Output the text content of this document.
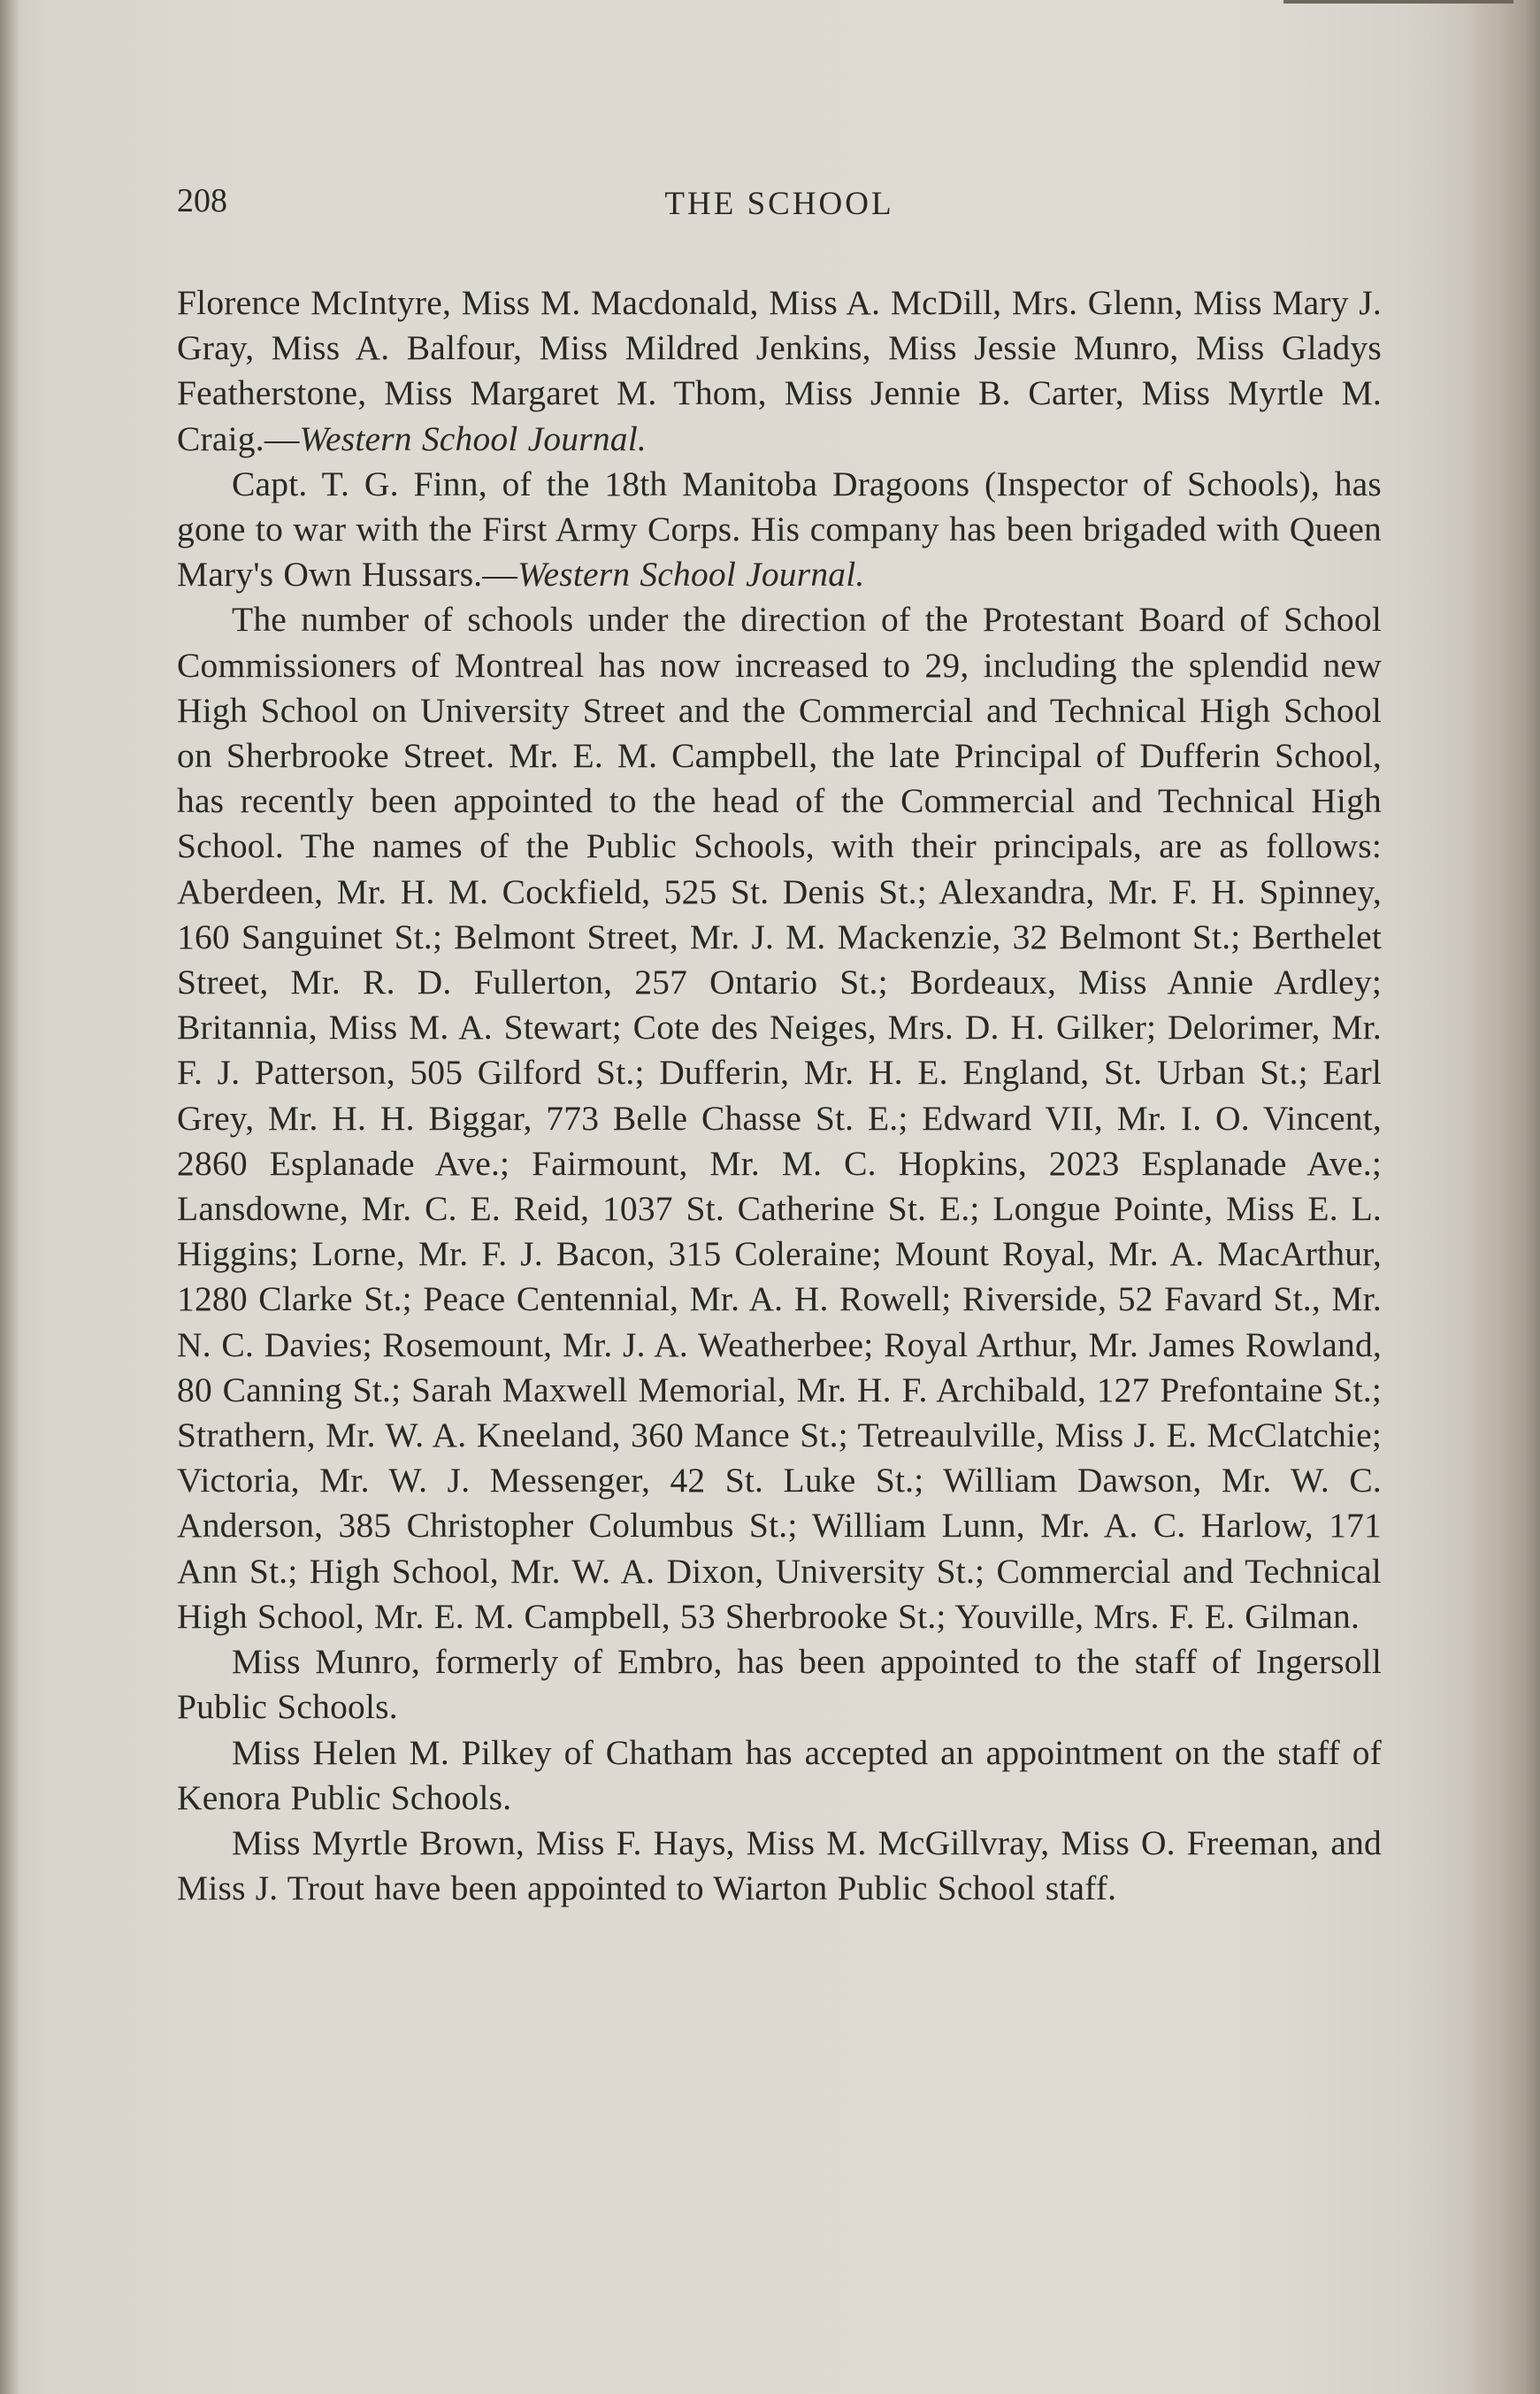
208	THE SCHOOL

Florence McIntyre, Miss M. Macdonald, Miss A. McDill, Mrs. Glenn, Miss Mary J. Gray, Miss A. Balfour, Miss Mildred Jenkins, Miss Jessie Munro, Miss Gladys Featherstone, Miss Margaret M. Thom, Miss Jennie B. Carter, Miss Myrtle M. Craig.—Western School Journal.

Capt. T. G. Finn, of the 18th Manitoba Dragoons (Inspector of Schools), has gone to war with the First Army Corps. His company has been brigaded with Queen Mary's Own Hussars.—Western School Journal.

The number of schools under the direction of the Protestant Board of School Commissioners of Montreal has now increased to 29, including the splendid new High School on University Street and the Commercial and Technical High School on Sherbrooke Street. Mr. E. M. Campbell, the late Principal of Dufferin School, has recently been appointed to the head of the Commercial and Technical High School. The names of the Public Schools, with their principals, are as follows: Aberdeen, Mr. H. M. Cockfield, 525 St. Denis St.; Alexandra, Mr. F. H. Spinney, 160 Sanguinet St.; Belmont Street, Mr. J. M. Mackenzie, 32 Belmont St.; Berthelet Street, Mr. R. D. Fullerton, 257 Ontario St.; Bordeaux, Miss Annie Ardley; Britannia, Miss M. A. Stewart; Cote des Neiges, Mrs. D. H. Gilker; Delorimer, Mr. F. J. Patterson, 505 Gilford St.; Dufferin, Mr. H. E. England, St. Urban St.; Earl Grey, Mr. H. H. Biggar, 773 Belle Chasse St. E.; Edward VII, Mr. I. O. Vincent, 2860 Esplanade Ave.; Fairmount, Mr. M. C. Hopkins, 2023 Esplanade Ave.; Lansdowne, Mr. C. E. Reid, 1037 St. Catherine St. E.; Longue Pointe, Miss E. L. Higgins; Lorne, Mr. F. J. Bacon, 315 Coleraine; Mount Royal, Mr. A. MacArthur, 1280 Clarke St.; Peace Centennial, Mr. A. H. Rowell; Riverside, 52 Favard St., Mr. N. C. Davies; Rosemount, Mr. J. A. Weatherbee; Royal Arthur, Mr. James Rowland, 80 Canning St.; Sarah Maxwell Memorial, Mr. H. F. Archibald, 127 Prefontaine St.; Strathern, Mr. W. A. Kneeland, 360 Mance St.; Tetreaulville, Miss J. E. McClatchie; Victoria, Mr. W. J. Messenger, 42 St. Luke St.; William Dawson, Mr. W. C. Anderson, 385 Christopher Columbus St.; William Lunn, Mr. A. C. Harlow, 171 Ann St.; High School, Mr. W. A. Dixon, University St.; Commercial and Technical High School, Mr. E. M. Campbell, 53 Sherbrooke St.; Youville, Mrs. F. E. Gilman.

Miss Munro, formerly of Embro, has been appointed to the staff of Ingersoll Public Schools.

Miss Helen M. Pilkey of Chatham has accepted an appointment on the staff of Kenora Public Schools.

Miss Myrtle Brown, Miss F. Hays, Miss M. McGillvray, Miss O. Freeman, and Miss J. Trout have been appointed to Wiarton Public School staff.
